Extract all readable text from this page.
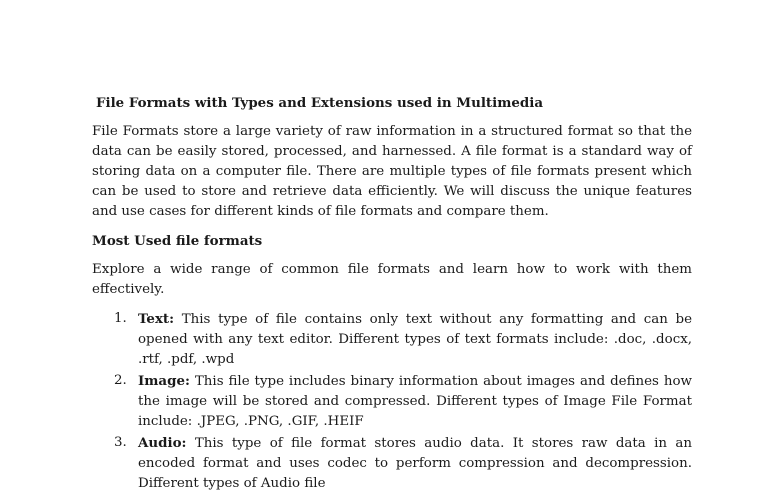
File Formats with Types and Extensions used in Multimedia
File Formats store a large variety of raw information in a structured format so that the data can be easily stored, processed, and harnessed. A file format is a standard way of storing data on a computer file. There are multiple types of file formats present which can be used to store and retrieve data efficiently. We will discuss the unique features and use cases for different kinds of file formats and compare them.
Most Used file formats
Explore a wide range of common file formats and learn how to work with them effectively.
1. Text: This type of file contains only text without any formatting and can be opened with any text editor. Different types of text formats include: .doc, .docx, .rtf, .pdf, .wpd
2. Image: This file type includes binary information about images and defines how the image will be stored and compressed. Different types of Image File Format include: .JPEG, .PNG, .GIF, .HEIF
3. Audio: This type of file format stores audio data. It stores raw data in an encoded format and uses codec to perform compression and decompression. Different types of Audio file
